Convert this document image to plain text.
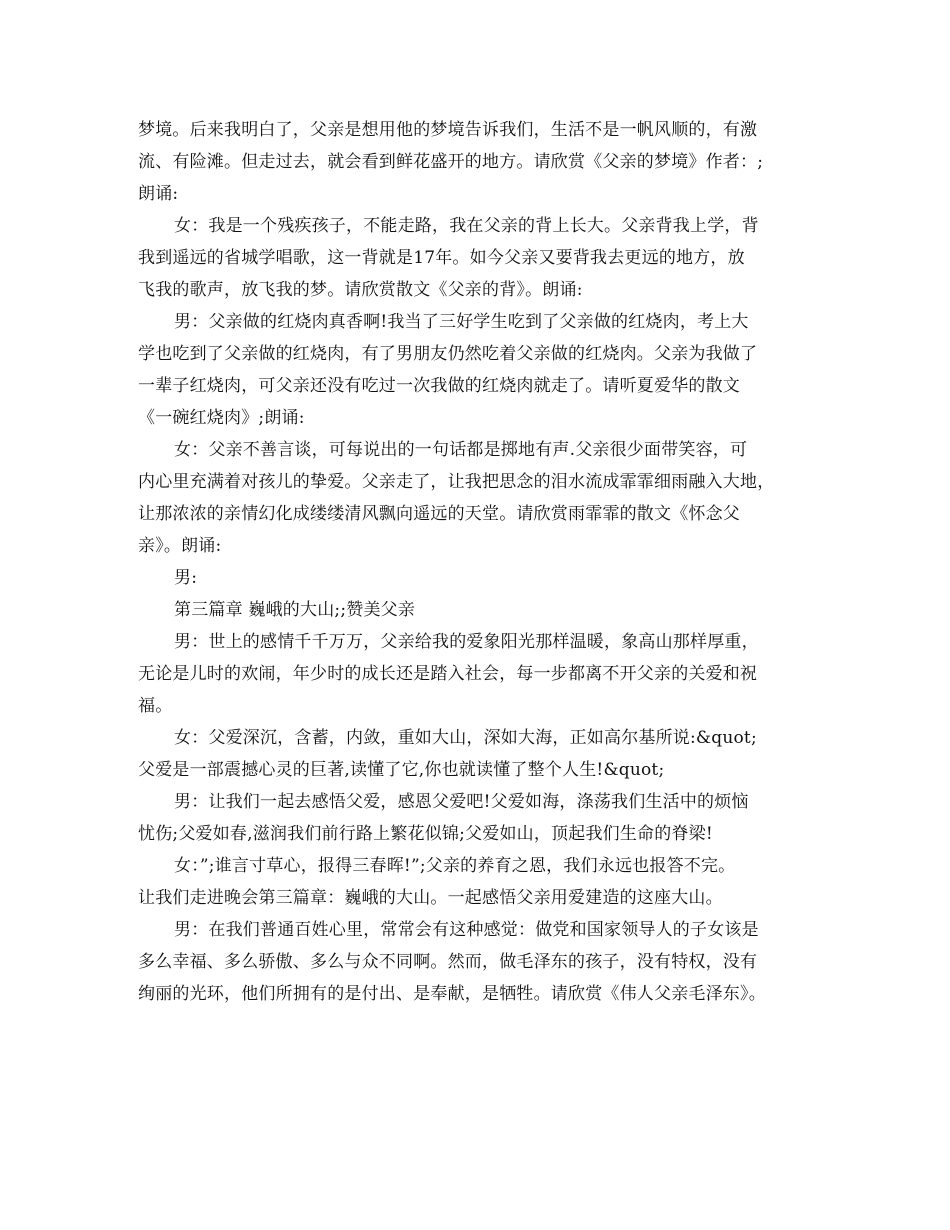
梦境。后来我明白了，父亲是想用他的梦境告诉我们，生活不是一帆风顺的，有激
流、有险滩。但走过去，就会看到鲜花盛开的地方。请欣赏《父亲的梦境》作者：;
朗诵:
女：我是一个残疾孩子，不能走路，我在父亲的背上长大。父亲背我上学，背
我到遥远的省城学唱歌，这一背就是17年。如今父亲又要背我去更远的地方，放
飞我的歌声，放飞我的梦。请欣赏散文《父亲的背》。朗诵:
男：父亲做的红烧肉真香啊!我当了三好学生吃到了父亲做的红烧肉，考上大
学也吃到了父亲做的红烧肉，有了男朋友仍然吃着父亲做的红烧肉。父亲为我做了
一辈子红烧肉，可父亲还没有吃过一次我做的红烧肉就走了。请听夏爱华的散文
《一碗红烧肉》;朗诵:
女：父亲不善言谈，可每说出的一句话都是掷地有声.父亲很少面带笑容，可
内心里充满着对孩儿的挚爱。父亲走了，让我把思念的泪水流成霏霏细雨融入大地，
让那浓浓的亲情幻化成缕缕清风飘向遥远的天堂。请欣赏雨霏霏的散文《怀念父
亲》。朗诵:
男:
第三篇章 巍峨的大山;;赞美父亲
男：世上的感情千千万万，父亲给我的爱象阳光那样温暖，象高山那样厚重，
无论是儿时的欢闹，年少时的成长还是踏入社会，每一步都离不开父亲的关爱和祝
福。
女：父爱深沉，含蓄，内敛，重如大山，深如大海，正如高尔基所说:&quot;
父爱是一部震撼心灵的巨著,读懂了它,你也就读懂了整个人生!&quot;
男：让我们一起去感悟父爱，感恩父爱吧!父爱如海，涤荡我们生活中的烦恼
忧伤;父爱如春,滋润我们前行路上繁花似锦;父爱如山，顶起我们生命的脊梁!
女：”;谁言寸草心，报得三春晖!”;父亲的养育之恩，我们永远也报答不完。
让我们走进晚会第三篇章：巍峨的大山。一起感悟父亲用爱建造的这座大山。
男：在我们普通百姓心里，常常会有这种感觉：做党和国家领导人的子女该是
多么幸福、多么骄傲、多么与众不同啊。然而，做毛泽东的孩子，没有特权，没有
绚丽的光环，他们所拥有的是付出、是奉献，是牺牲。请欣赏《伟人父亲毛泽东》。
